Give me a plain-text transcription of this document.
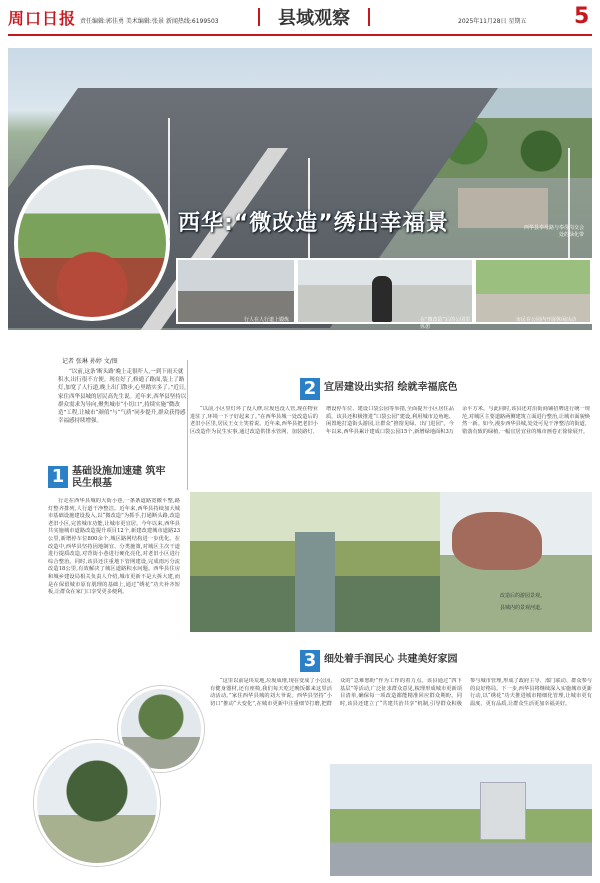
周口日报 责任编辑:郭佳勇 美术编辑:张景 新闻热线:6199503	县域观察	2025年11月28日 星期五 5
西华县奉母路与奉母岗交会处的绿化带
行人在人行道上锻炼	在“微改造”后的公园里休憩
市民在公园内开展休闲活动
西华:“微改造”绣出幸福景
记者 张琳 孙婷 文/图
“以前,这条‘断头路’晚上走很吓人,一到下雨天就积水,出行很不方便。现在好了,修通了路面,装上了路灯,加宽了人行道,晚上出门散步,心里踏实多了。”近日,家住西华县城的居民高先生说。近年来,西华县坚持以群众需求为导向,聚焦城市“小切口”,持续实施“微改造”工程,让城市“颜值”与“气质”同步提升,群众获得感幸福感持续增强。
1 基础设施加速建 筑牢民生根基
行走在西华县城的大街小巷,一条条道路宽敞平整,路灯整齐排列,人行道干净整洁。近年来,西华县持续加大城市基础设施建设投入,以“微改造”为抓手,打通断头路,改造老旧小区,完善城市功能,让城市更宜居。今年以来,西华县共实施城市道路改造提升项目12个,新建改建城市道路23公里,新增停车位800余个,城区路网结构进一步优化。在改造中,西华县坚持因地制宜、分类施策,对城区主次干道进行提质改造,对背街小巷进行硬化亮化,对老旧小区进行综合整治。同时,该县还注重地下管网建设,完成雨污分流改造18公里,有效解决了城区道路积水问题。西华县住房和城乡建设局相关负责人介绍,城市更新不是大拆大建,而是在保留城市原有肌理的基础上,通过“绣花”功夫补齐短板,让群众在家门口享受更多便利。
2 宜居建设出实招 绘就幸福底色
“以前,小区里灯坏了没人修,垃圾也没人管,现在物业进驻了,环境一下子好起来了。”在西华县城一处改造后的老旧小区里,居民王女士笑着说。近年来,西华县把老旧小区改造作为民生实事,通过改造供排水管网、加装路灯、增设停车位、建设口袋公园等举措,全面提升小区居住品质。该县还积极推进“口袋公园”建设,利用城市边角地、闲置地打造街头游园,让群众“推窗见绿、出门进园”。今年以来,西华县累计建成口袋公园15个,新增绿地面积3万余平方米。与此同时,该县还对沿街商铺招牌进行统一规范,对城区主要道路两侧建筑立面进行整治,让城市面貌焕然一新。如今,漫步西华县城,处处可见干净整洁的街道、错落有致的绿植,一幅宜居宜业的城市画卷正徐徐展开。
改造后的游园景观。
县城内的景观河道。
3 细处着手润民心 共建美好家园
“这里以前是块荒地,垃圾成堆,现在变成了小公园,有健身器材,还有座椅,我们每天吃过晚饭都来这里活动活动。”家住西华县城的刘大爷说。西华县坚持“小切口”推动“大变化”,在城市更新中注重细节打磨,把群众的“急难愁盼”作为工作的着力点。该县通过“四下基层”等活动,广泛征求群众意见,梳理形成城市更新项目清单,确保每一项改造都能精准回应群众期盼。同时,该县还建立了“共建共治共享”机制,引导群众积极参与城市管理,形成了政府主导、部门联动、群众参与的良好格局。下一步,西华县将继续深入实施城市更新行动,以“绣花”功夫推进城市精细化管理,让城市更有温度、更有品质,让群众生活更加幸福美好。
